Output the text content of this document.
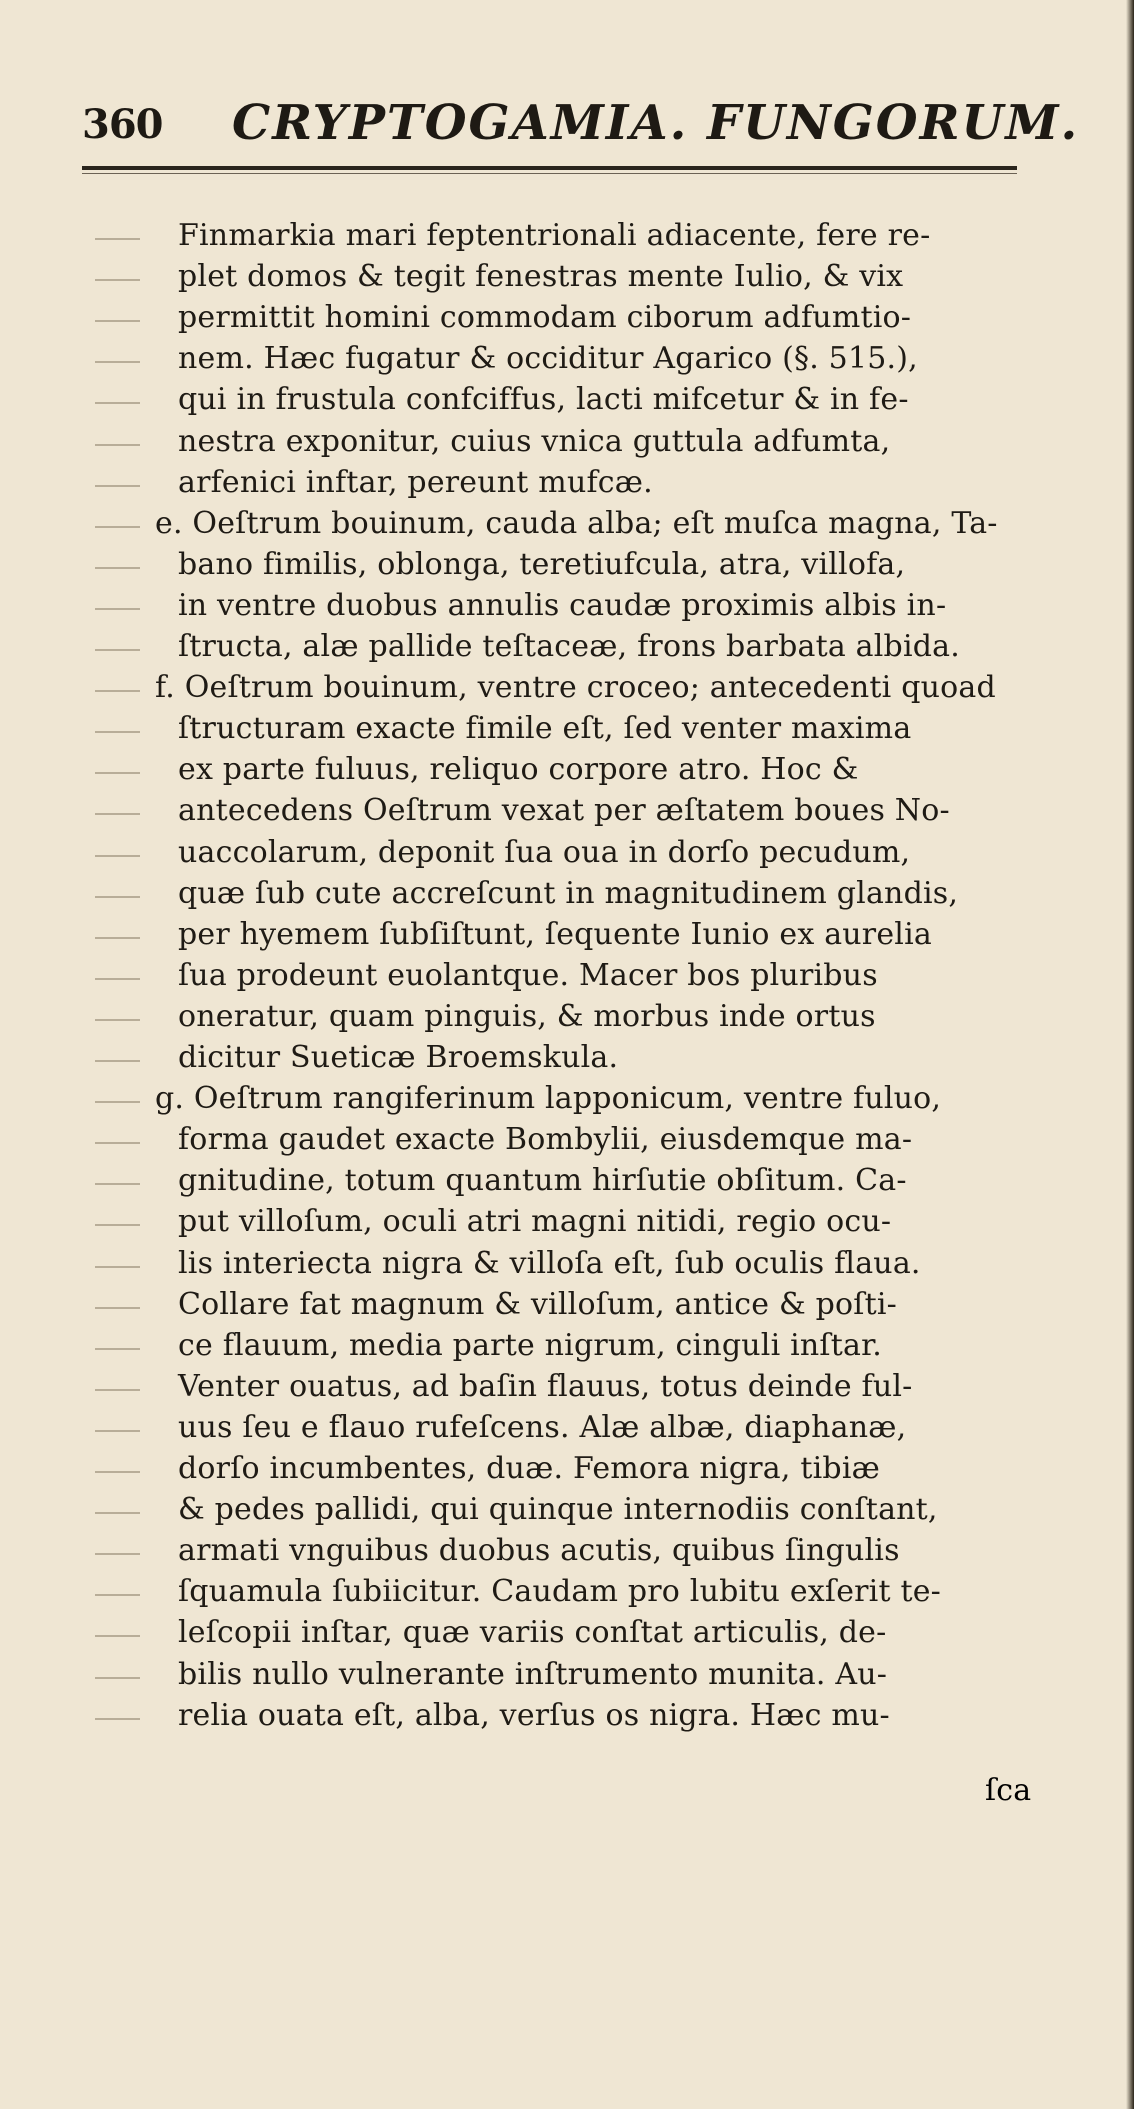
360 CRYPTOGAMIA. FUNGORUM.
Finmarkia mari feptentrionali adiacente, fere re-
plet domos & tegit fenestras mente Iulio, & vix
permittit homini commodam ciborum adfumtio-
nem. Hæc fugatur & occiditur Agarico (§. 515.),
qui in frustula confciffus, lacti mifcetur & in fe-
nestra exponitur, cuius vnica guttula adfumta,
arfenici inftar, pereunt mufcæ.
e. Oeſtrum bouinum, cauda alba; eſt muſca magna, Ta-
bano fimilis, oblonga, teretiufcula, atra, villofa,
in ventre duobus annulis caudæ proximis albis in-
ſtructa, alæ pallide teſtaceæ, frons barbata albida.
f. Oeſtrum bouinum, ventre croceo; antecedenti quoad
ſtructuram exacte fimile eſt, ſed venter maxima
ex parte fuluus, reliquo corpore atro. Hoc &
antecedens Oeſtrum vexat per æſtatem boues No-
uaccolarum, deponit ſua oua in dorſo pecudum,
quæ ſub cute accreſcunt in magnitudinem glandis,
per hyemem ſubſiſtunt, ſequente Iunio ex aurelia
ſua prodeunt euolantque. Macer bos pluribus
oneratur, quam pinguis, & morbus inde ortus
dicitur Sueticæ Broemskula.
g. Oeſtrum rangiferinum lapponicum, ventre fuluo,
forma gaudet exacte Bombylii, eiusdemque ma-
gnitudine, totum quantum hirſutie obſitum. Ca-
put villoſum, oculi atri magni nitidi, regio ocu-
lis interiecta nigra & villoſa eſt, ſub oculis flaua.
Collare fat magnum & villoſum, antice & poſti-
ce flauum, media parte nigrum, cinguli inſtar.
Venter ouatus, ad baſin flauus, totus deinde ful-
uus ſeu e flauo rufeſcens. Alæ albæ, diaphanæ,
dorſo incumbentes, duæ. Femora nigra, tibiæ
& pedes pallidi, qui quinque internodiis conſtant,
armati vnguibus duobus acutis, quibus ſingulis
ſquamula ſubiicitur. Caudam pro lubitu exſerit te-
leſcopii inſtar, quæ variis conſtat articulis, de-
bilis nullo vulnerante inſtrumento munita. Au-
relia ouata eſt, alba, verſus os nigra. Hæc mu-
ſca
